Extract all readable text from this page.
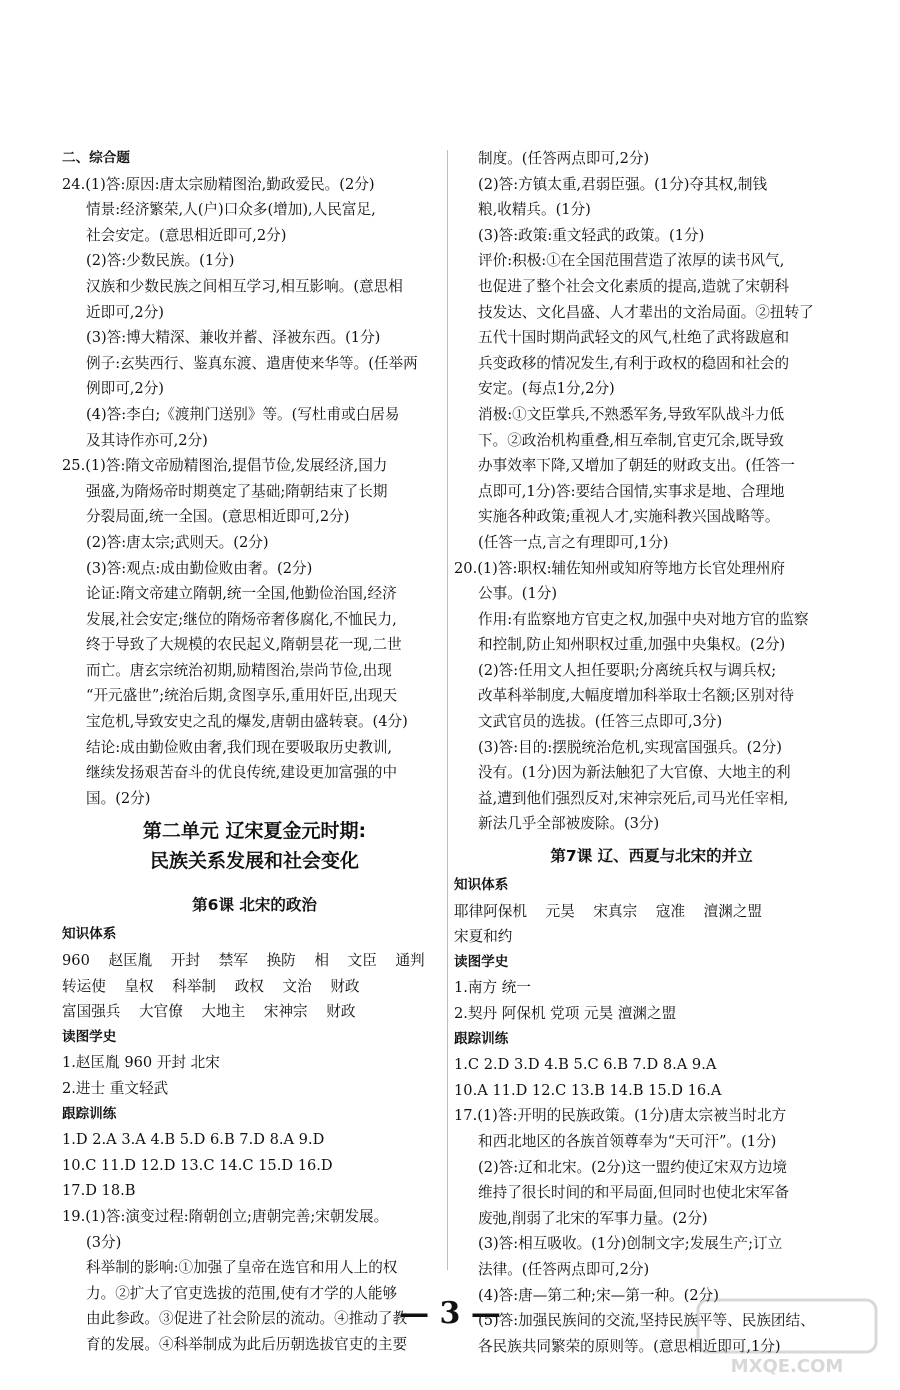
二、综合题
24.(1)答:原因:唐太宗励精图治,勤政爱民。(2分)
情景:经济繁荣,人(户)口众多(增加),人民富足,
社会安定。(意思相近即可,2分)
(2)答:少数民族。(1分)
汉族和少数民族之间相互学习,相互影响。(意思相
近即可,2分)
(3)答:博大精深、兼收并蓄、泽被东西。(1分)
例子:玄奘西行、鉴真东渡、遣唐使来华等。(任举两
例即可,2分)
(4)答:李白;《渡荆门送别》等。(写杜甫或白居易
及其诗作亦可,2分)
25.(1)答:隋文帝励精图治,提倡节俭,发展经济,国力
强盛,为隋炀帝时期奠定了基础;隋朝结束了长期
分裂局面,统一全国。(意思相近即可,2分)
(2)答:唐太宗;武则天。(2分)
(3)答:观点:成由勤俭败由奢。(2分)
论证:隋文帝建立隋朝,统一全国,他勤俭治国,经济
发展,社会安定;继位的隋炀帝奢侈腐化,不恤民力,
终于导致了大规模的农民起义,隋朝昙花一现,二世
而亡。唐玄宗统治初期,励精图治,崇尚节俭,出现
“开元盛世”;统治后期,贪图享乐,重用奸臣,出现天
宝危机,导致安史之乱的爆发,唐朝由盛转衰。(4分)
结论:成由勤俭败由奢,我们现在要吸取历史教训,
继续发扬艰苦奋斗的优良传统,建设更加富强的中
国。(2分)
第二单元 辽宋夏金元时期:
民族关系发展和社会变化
第6课 北宋的政治
知识体系
960 赵匡胤 开封 禁军 换防 相 文臣 通判
转运使 皇权 科举制 政权 文治 财政
富国强兵 大官僚 大地主 宋神宗 财政
读图学史
1.赵匡胤 960 开封 北宋
2.进士 重文轻武
跟踪训练
1.D 2.A 3.A 4.B 5.D 6.B 7.D 8.A 9.D
10.C 11.D 12.D 13.C 14.C 15.D 16.D
17.D 18.B
19.(1)答:演变过程:隋朝创立;唐朝完善;宋朝发展。
(3分)
科举制的影响:①加强了皇帝在选官和用人上的权
力。②扩大了官吏选拔的范围,使有才学的人能够
由此参政。③促进了社会阶层的流动。④推动了教
育的发展。④科举制成为此后历朝选拔官吏的主要
制度。(任答两点即可,2分)
(2)答:方镇太重,君弱臣强。(1分)夺其权,制钱
粮,收精兵。(1分)
(3)答:政策:重文轻武的政策。(1分)
评价:积极:①在全国范围营造了浓厚的读书风气,
也促进了整个社会文化素质的提高,造就了宋朝科
技发达、文化昌盛、人才辈出的文治局面。②扭转了
五代十国时期尚武轻文的风气,杜绝了武将跋扈和
兵变政移的情况发生,有利于政权的稳固和社会的
安定。(每点1分,2分)
消极:①文臣掌兵,不熟悉军务,导致军队战斗力低
下。②政治机构重叠,相互牵制,官吏冗余,既导致
办事效率下降,又增加了朝廷的财政支出。(任答一
点即可,1分)答:要结合国情,实事求是地、合理地
实施各种政策;重视人才,实施科教兴国战略等。
(任答一点,言之有理即可,1分)
20.(1)答:职权:辅佐知州或知府等地方长官处理州府
公事。(1分)
作用:有监察地方官吏之权,加强中央对地方官的监察
和控制,防止知州职权过重,加强中央集权。(2分)
(2)答:任用文人担任要职;分离统兵权与调兵权;
改革科举制度,大幅度增加科举取士名额;区别对待
文武官员的选拔。(任答三点即可,3分)
(3)答:目的:摆脱统治危机,实现富国强兵。(2分)
没有。(1分)因为新法触犯了大官僚、大地主的利
益,遭到他们强烈反对,宋神宗死后,司马光任宰相,
新法几乎全部被废除。(3分)
第7课 辽、西夏与北宋的并立
知识体系
耶律阿保机 元昊 宋真宗 寇准 澶渊之盟
宋夏和约
读图学史
1.南方 统一
2.契丹 阿保机 党项 元昊 澶渊之盟
跟踪训练
1.C 2.D 3.D 4.B 5.C 6.B 7.D 8.A 9.A
10.A 11.D 12.C 13.B 14.B 15.D 16.A
17.(1)答:开明的民族政策。(1分)唐太宗被当时北方
和西北地区的各族首领尊奉为“天可汗”。(1分)
(2)答:辽和北宋。(2分)这一盟约使辽宋双方边境
维持了很长时间的和平局面,但同时也使北宋军备
废弛,削弱了北宋的军事力量。(2分)
(3)答:相互吸收。(1分)创制文字;发展生产;订立
法律。(任答两点即可,2分)
(4)答:唐—第二种;宋—第一种。(2分)
(5)答:加强民族间的交流,坚持民族平等、民族团结、
各民族共同繁荣的原则等。(意思相近即可,1分)
— 3 —
MXQE.COM
